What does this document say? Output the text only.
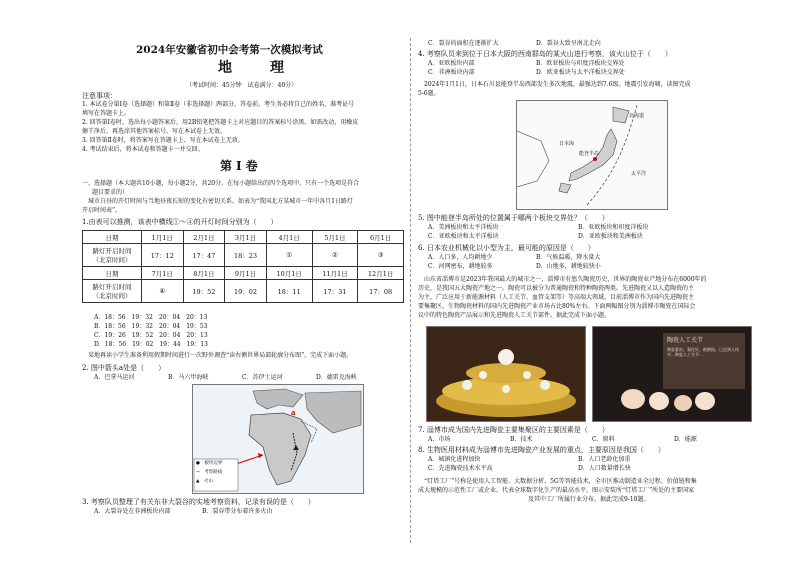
2024年安徽省初中会考第一次模拟考试
地　理
（考试时间：45分钟　试卷满分：40分）
注意事项：
1. 本试卷分第Ⅰ卷（选择题）和第Ⅱ卷（非选择题）两部分。答卷前，考生务必将自己的姓名、准考证号
填写在答题卡上。
2. 回答第Ⅰ卷时，选出每小题答案后，用2B铅笔把答题卡上对应题目的答案标号涂黑。如需改动，用橡皮
擦干净后，再选涂其他答案标号。写在本试卷上无效。
3. 回答第Ⅱ卷时，将答案写在答题卡上。写在本试卷上无效。
4. 考试结束后，将本试卷和答题卡一并交回。
第Ⅰ卷
一、选择题（本大题共10小题，每小题2分，共20分。在每小题给出的四个选项中，只有一个选项是符合
题目要求的）
　城市白昼的开灯时间与当地昼夜长短的变化有密切关系。如表为“我国北方某城市一年中各月1日路灯
开启时间表”。
1.由表可以推测，该表中横线①～④的开灯时间分别为（　　）
日期	1月1日	2月1日	3月1日	4月1日	5月1日	6月1日

路灯开启时间
（北京时间）	17：12	17：47	18：23	①	②	③
日期	7月1日	8月1日	9月1日	10月1日	11月1日	12月1日

路灯开启时间
（北京时间）	④	19：52	19：02	18：11	17：31	17：08
A．18：56　19：32　20：04　20：13
B．18：56　19：32　20：04　19：53
C．19：26　19：52　20：04　20：13
D．18：56　19：02　19：44　19：13
　某地再读小学生准备利用假期时间进行一次野外调查“读右侧世界局部轮廓分布图”，完成下面小题。
2. 图中箭头a处是（　　）
A．巴拿马运河	B．马六甲海峡	C．苏伊士运河	D．德雷克海峡
a
●　板块边界
→　考察路线
▲　火山
3. 考察队员整理了有关东非大裂谷的实地考察资料，记录有误的是（　　）
A．大裂谷处在非洲板块内部	B．裂谷带分布着许多火山
C．裂谷的面积在逐渐扩大	D．裂谷大致呈南北走向
4. 考察队员来到位于日本大阪的西南群岛的某火山进行考察，该火山位于（　　）
A．亚欧板块内部	B．欧亚板块与印度洋板块交界处
C．非洲板块内部	D．欧亚板块与太平洋板块交界处
　2024年1月1日，日本石川县能登半岛西部发生多次地震，最强达到7.6级。地震引发海啸，读图完成
5-6题。
北海道
太平洋
日本海
能登半岛
5. 图中能登半岛所处的位置属于哪两个板块交界处？（　　）
A．美洲板块和太平洋板块	B．亚欧板块和印度洋板块
C．亚欧板块和太平洋板块	D．亚欧板块和美洲板块
6. 日本农业机械化以小型为主，最可能的原因是（　　）
A．人口多，人均耕地少	B．气候温暖，降水量大
C．河网密布，耕地较多	D．山地多，耕地较快小
　山东省淄博市是2023年我国最大的城市之一，淄博市有悠久陶瓷历史，世界的陶瓷业产地分布在6000年的
历史，是我国五大陶瓷产地之一。陶瓷可以被分为普通陶瓷和特种陶瓷两类。先进陶瓷又以人造陶瓷的主
为主，广泛应用于新能源材料（人工关节、血管支架等）等高端大领域。目前淄博市作为国内先进陶瓷主
要集聚区，生物陶瓷材料的国内先进陶瓷产业市场占比80%左右。下面两幅图分别为淄博市陶瓷在国际会
议中的特色陶瓷产品展示和先进陶瓷人工关节部件。据此完成下面小题。
陶瓷人工关节
陶瓷素材。强化好，耐磨损，已达到人体对…陶瓷人工关节…
7. 淄博市成为国内先进陶瓷主要集聚区的主要因素是（　　）
A．市场	B．技术	C．原料	D．能源
8. 生物医用材料成为淄博市先进陶瓷产业发展的重点，主要原因是我国（　　）
A．城镇化进程加快	B．人口老龄化加重
C．先进陶瓷技术水平高	D．人口数量增长快
　“灯塔工厂”号称是使用人工智能、大数据分析、5G等智能技术，全市区推动制造业全过程、价值链和集
成大规模的示范性工厂或企业。代表全球数字化生产的最高水平。图示安装所“灯塔工厂”所处的主要国家
及其中工厂所属行业分布。据此完成9-10题。
